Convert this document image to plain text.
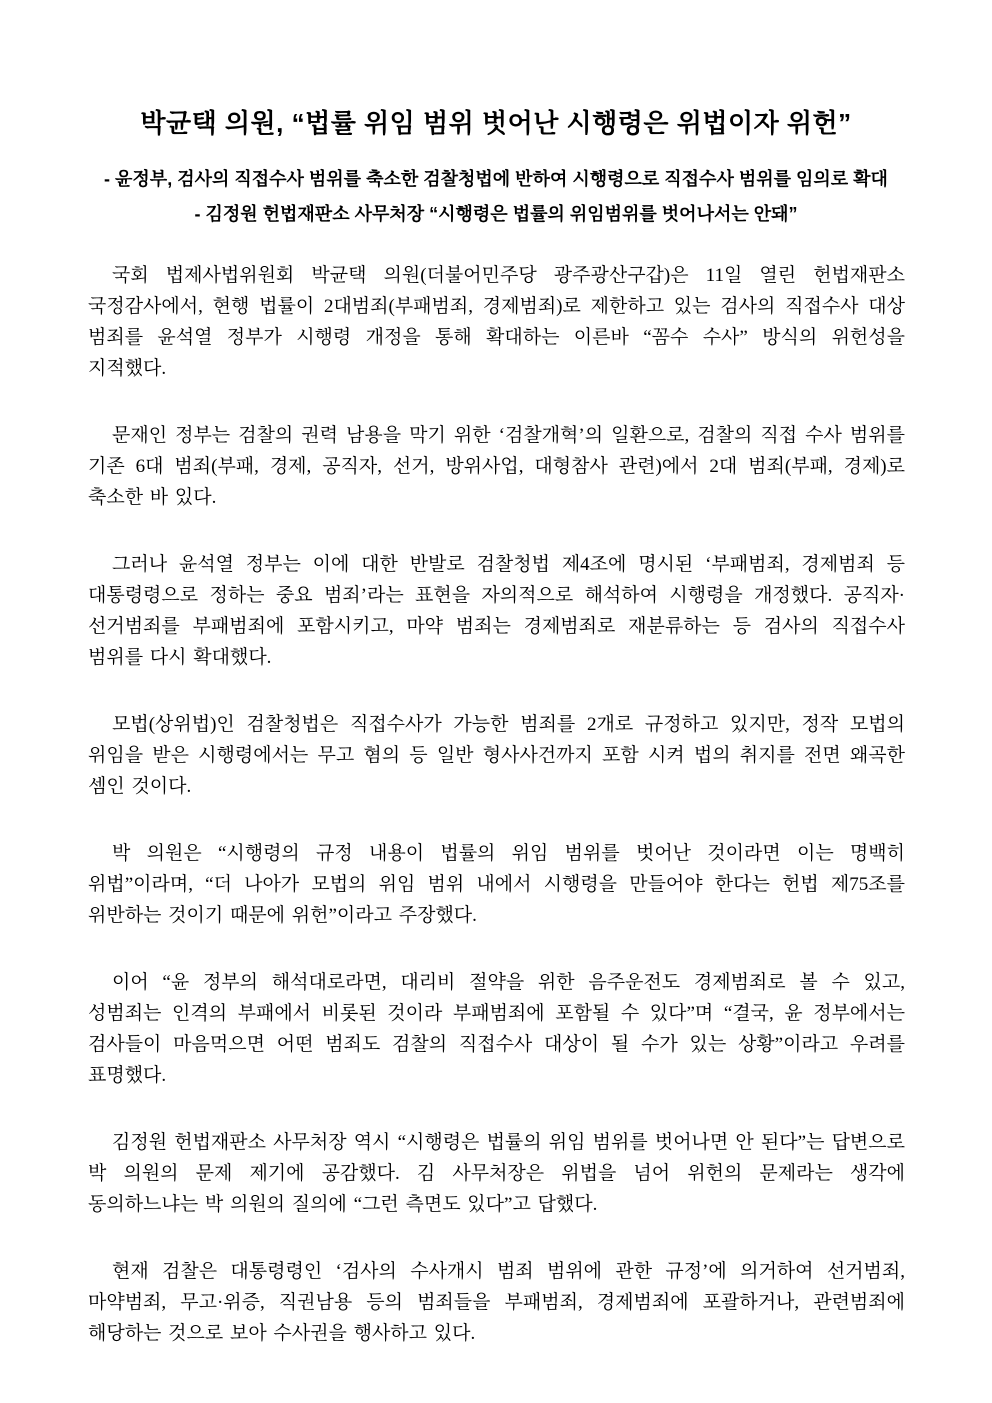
박균택 의원, “법률 위임 범위 벗어난 시행령은 위법이자 위헌”
- 윤정부, 검사의 직접수사 범위를 축소한 검찰청법에 반하여 시행령으로 직접수사 범위를 임의로 확대
- 김정원 헌법재판소 사무처장 “시행령은 법률의 위임범위를 벗어나서는 안돼”

국회 법제사법위원회 박균택 의원(더불어민주당 광주광산구갑)은 11일 열린 헌법재판소 국정감사에서, 현행 법률이 2대범죄(부패범죄, 경제범죄)로 제한하고 있는 검사의 직접수사 대상 범죄를 윤석열 정부가 시행령 개정을 통해 확대하는 이른바 “꼼수 수사” 방식의 위헌성을 지적했다.

문재인 정부는 검찰의 권력 남용을 막기 위한 ‘검찰개혁’의 일환으로, 검찰의 직접 수사 범위를 기존 6대 범죄(부패, 경제, 공직자, 선거, 방위사업, 대형참사 관련)에서 2대 범죄(부패, 경제)로 축소한 바 있다.

그러나 윤석열 정부는 이에 대한 반발로 검찰청법 제4조에 명시된 ‘부패범죄, 경제범죄 등 대통령령으로 정하는 중요 범죄’라는 표현을 자의적으로 해석하여 시행령을 개정했다. 공직자·선거범죄를 부패범죄에 포함시키고, 마약 범죄는 경제범죄로 재분류하는 등 검사의 직접수사 범위를 다시 확대했다.

모법(상위법)인 검찰청법은 직접수사가 가능한 범죄를 2개로 규정하고 있지만, 정작 모법의 위임을 받은 시행령에서는 무고 혐의 등 일반 형사사건까지 포함 시켜 법의 취지를 전면 왜곡한 셈인 것이다.

박 의원은 “시행령의 규정 내용이 법률의 위임 범위를 벗어난 것이라면 이는 명백히 위법”이라며, “더 나아가 모법의 위임 범위 내에서 시행령을 만들어야 한다는 헌법 제75조를 위반하는 것이기 때문에 위헌”이라고 주장했다.

이어 “윤 정부의 해석대로라면, 대리비 절약을 위한 음주운전도 경제범죄로 볼 수 있고, 성범죄는 인격의 부패에서 비롯된 것이라 부패범죄에 포함될 수 있다”며 “결국, 윤 정부에서는 검사들이 마음먹으면 어떤 범죄도 검찰의 직접수사 대상이 될 수가 있는 상황”이라고 우려를 표명했다.

김정원 헌법재판소 사무처장 역시 “시행령은 법률의 위임 범위를 벗어나면 안 된다”는 답변으로 박 의원의 문제 제기에 공감했다. 김 사무처장은 위법을 넘어 위헌의 문제라는 생각에 동의하느냐는 박 의원의 질의에 “그런 측면도 있다”고 답했다.

현재 검찰은 대통령령인 ‘검사의 수사개시 범죄 범위에 관한 규정’에 의거하여 선거범죄, 마약범죄, 무고·위증, 직권남용 등의 범죄들을 부패범죄, 경제범죄에 포괄하거나, 관련범죄에 해당하는 것으로 보아 수사권을 행사하고 있다.
